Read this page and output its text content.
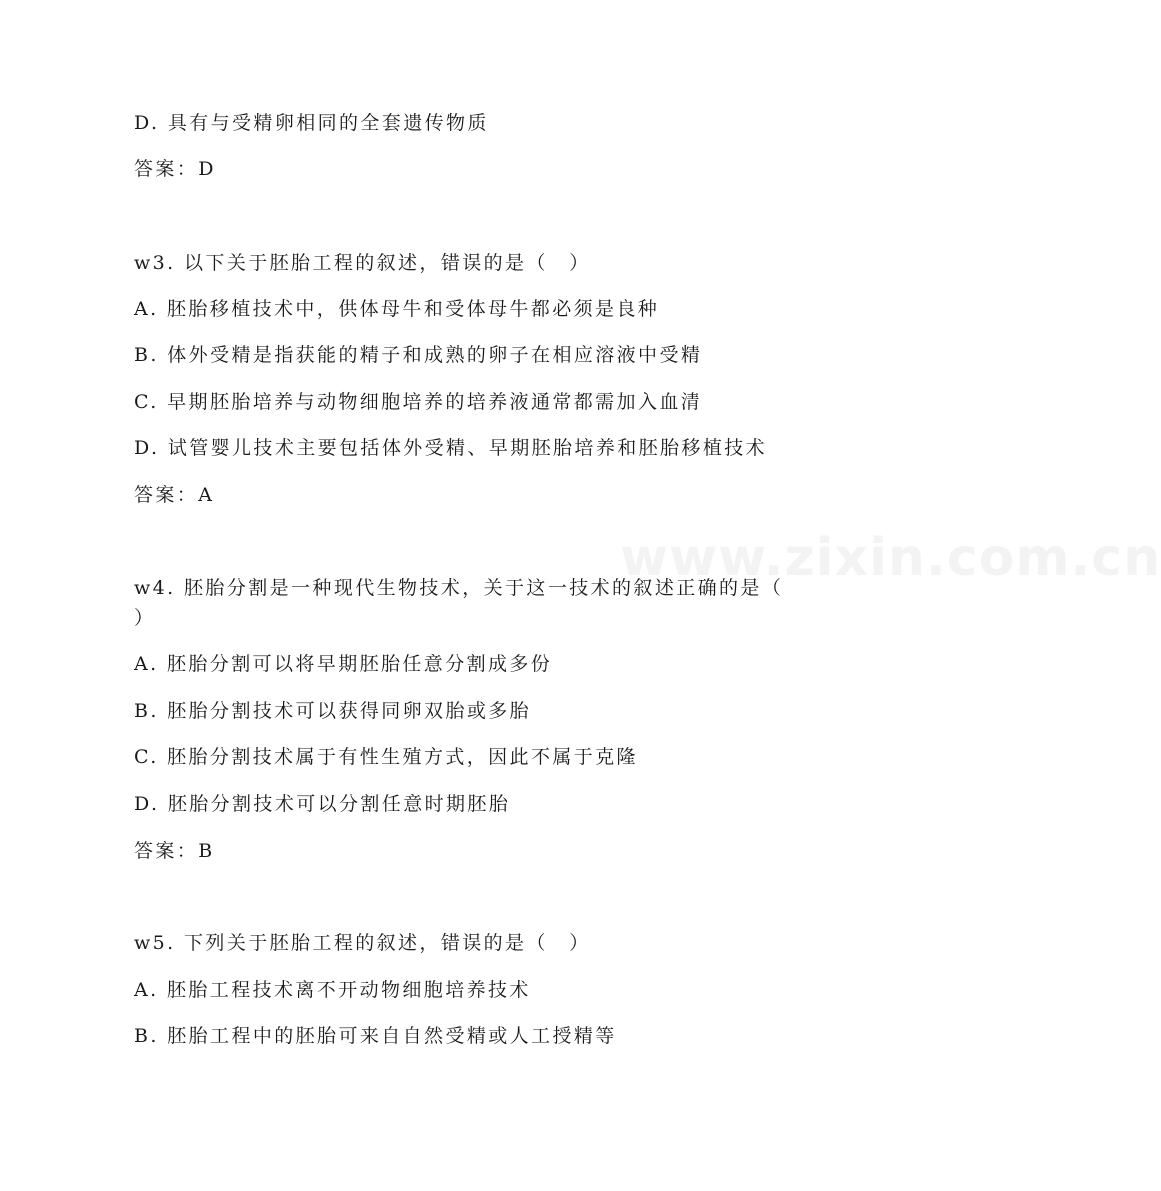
www.zixin.com.cn
D. 具有与受精卵相同的全套遗传物质
答案：D
w3. 以下关于胚胎工程的叙述，错误的是（　）
A. 胚胎移植技术中，供体母牛和受体母牛都必须是良种
B. 体外受精是指获能的精子和成熟的卵子在相应溶液中受精
C. 早期胚胎培养与动物细胞培养的培养液通常都需加入血清
D. 试管婴儿技术主要包括体外受精、早期胚胎培养和胚胎移植技术
答案：A
w4. 胚胎分割是一种现代生物技术，关于这一技术的叙述正确的是（
）
A. 胚胎分割可以将早期胚胎任意分割成多份
B. 胚胎分割技术可以获得同卵双胎或多胎
C. 胚胎分割技术属于有性生殖方式，因此不属于克隆
D. 胚胎分割技术可以分割任意时期胚胎
答案：B
w5. 下列关于胚胎工程的叙述，错误的是（　）
A. 胚胎工程技术离不开动物细胞培养技术
B. 胚胎工程中的胚胎可来自自然受精或人工授精等
